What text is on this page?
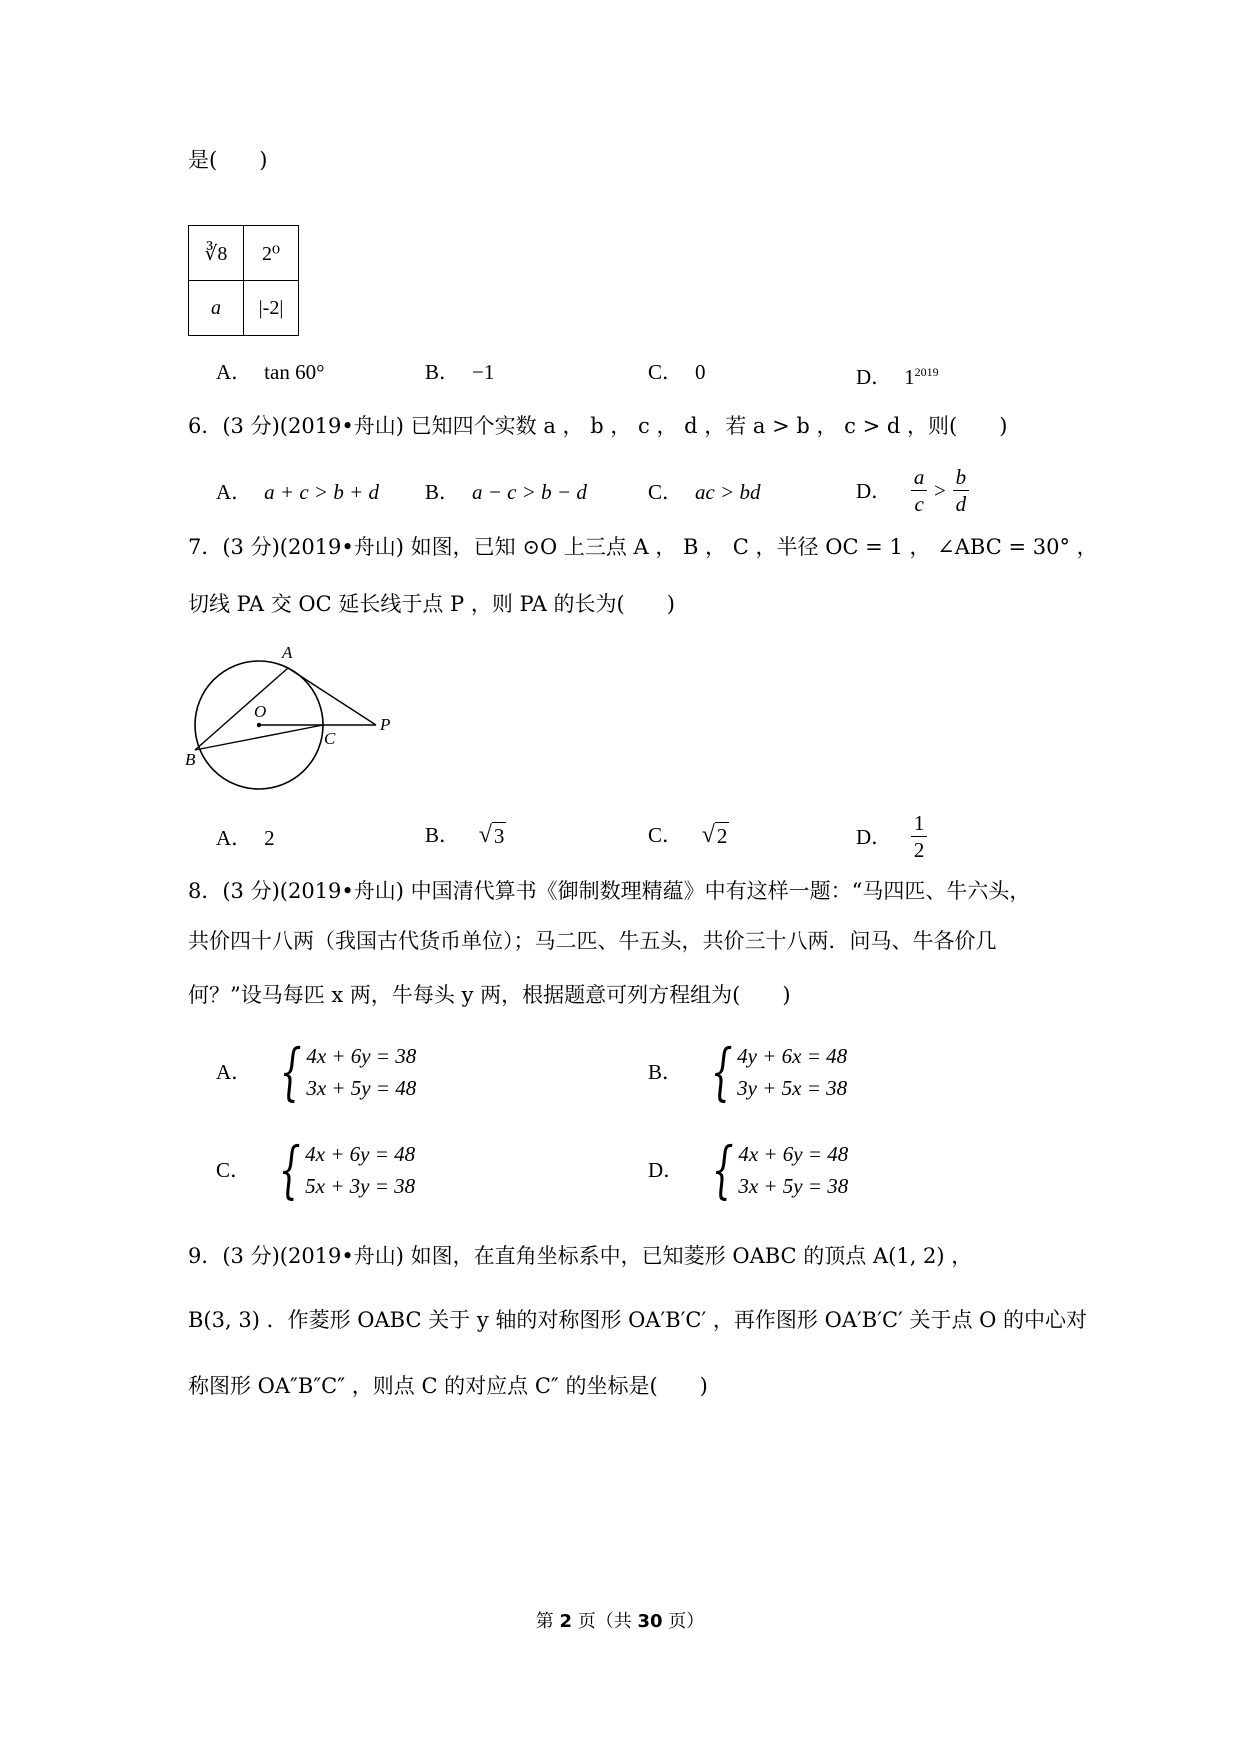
是(　　)
∛8	2⁰
a	|-2|
A． tan 60°	B． −1	C． 0	D． $1^{2019}$
6．(3 分)(2019•舟山) 已知四个实数 a ， b ， c ， d ，若 a > b ， c > d ，则(　　)
A． a + c > b + d B． a − c > b − d	C． ac > bd	D． $\frac{a}{c} > \frac{b}{d}$
7．(3 分)(2019•舟山) 如图，已知 ⊙O 上三点 A ， B ， C ，半径 OC = 1 ， ∠ABC = 30° ，
切线 PA 交 OC 延长线于点 P ，则 PA 的长为(　　)
A
O
P
B
C
A． 2	B． √ 3	C． √ 2	D． $\frac{1}{2}$
8．(3 分)(2019•舟山) 中国清代算书《御制数理精蕴》中有这样一题：“马四匹、牛六头，
共价四十八两（我国古代货币单位）；马二匹、牛五头，共价三十八两．问马、牛各价几
何？”设马每匹 x 两，牛每头 y 两，根据题意可列方程组为(　　)
A． { 4x + 6y = 38
3x + 5y = 48
B． { 4y + 6x = 48
3y + 5x = 38
C． { 4x + 6y = 48
5x + 3y = 38
D． { 4x + 6y = 48
3x + 5y = 38
9．(3 分)(2019•舟山) 如图，在直角坐标系中，已知菱形 OABC 的顶点 A(1, 2) ，
B(3, 3) ．作菱形 OABC 关于 y 轴的对称图形 OA′B′C′ ，再作图形 OA′B′C′ 关于点 O 的中心对
称图形 OA″B″C″ ，则点 C 的对应点 C″ 的坐标是(　　)
第 2 页（共 30 页）
